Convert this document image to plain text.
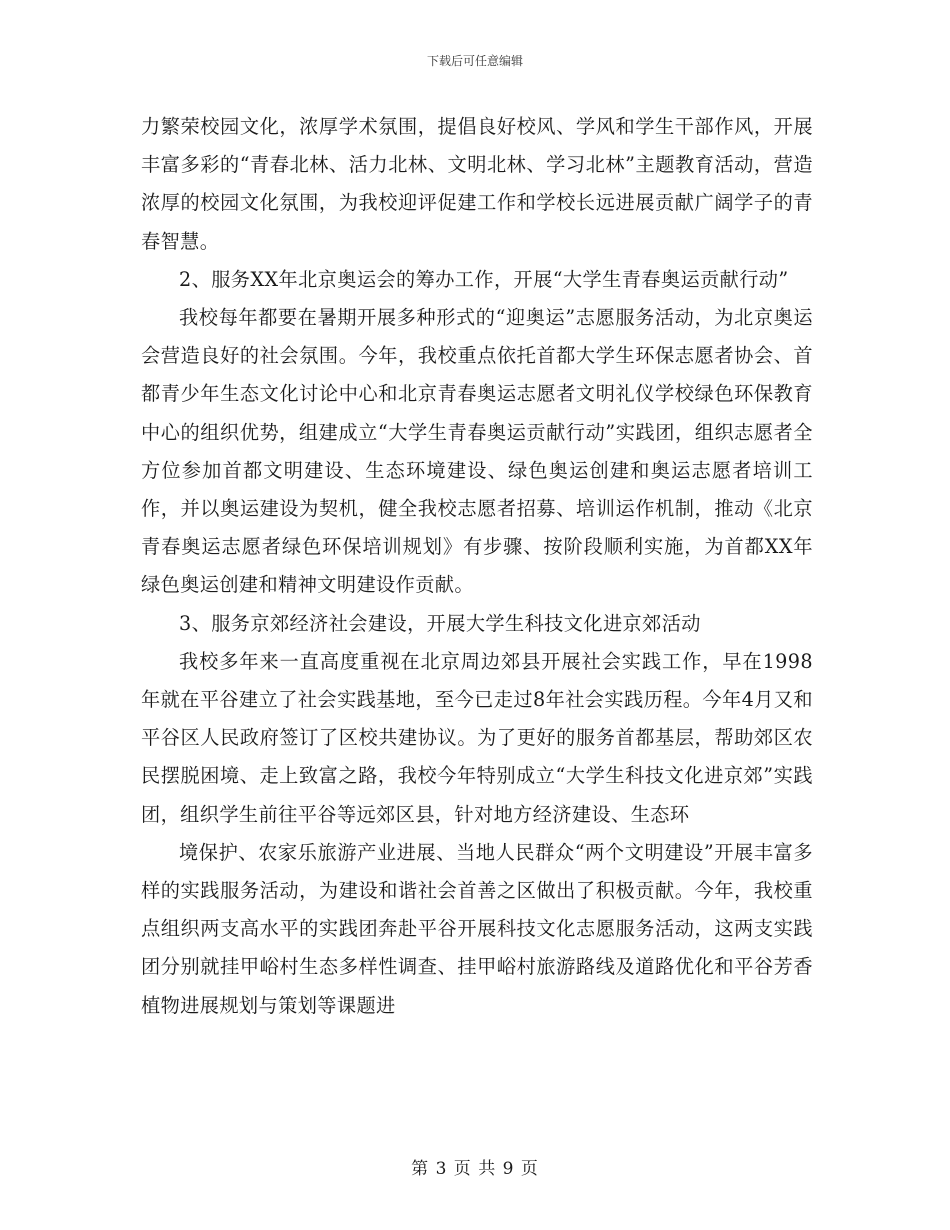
下载后可任意编辑

力繁荣校园文化，浓厚学术氛围，提倡良好校风、学风和学生干部作风，开展丰富多彩的“青春北林、活力北林、文明北林、学习北林”主题教育活动，营造浓厚的校园文化氛围，为我校迎评促建工作和学校长远进展贡献广阔学子的青春智慧。

2、服务XX年北京奥运会的筹办工作，开展“大学生青春奥运贡献行动”

我校每年都要在暑期开展多种形式的“迎奥运”志愿服务活动，为北京奥运会营造良好的社会氛围。今年，我校重点依托首都大学生环保志愿者协会、首都青少年生态文化讨论中心和北京青春奥运志愿者文明礼仪学校绿色环保教育中心的组织优势，组建成立“大学生青春奥运贡献行动”实践团，组织志愿者全方位参加首都文明建设、生态环境建设、绿色奥运创建和奥运志愿者培训工作，并以奥运建设为契机，健全我校志愿者招募、培训运作机制，推动《北京青春奥运志愿者绿色环保培训规划》有步骤、按阶段顺利实施，为首都XX年绿色奥运创建和精神文明建设作贡献。

3、服务京郊经济社会建设，开展大学生科技文化进京郊活动

我校多年来一直高度重视在北京周边郊县开展社会实践工作，早在1998年就在平谷建立了社会实践基地，至今已走过8年社会实践历程。今年4月又和平谷区人民政府签订了区校共建协议。为了更好的服务首都基层，帮助郊区农民摆脱困境、走上致富之路，我校今年特别成立“大学生科技文化进京郊”实践团，组织学生前往平谷等远郊区县，针对地方经济建设、生态环

境保护、农家乐旅游产业进展、当地人民群众“两个文明建设”开展丰富多样的实践服务活动，为建设和谐社会首善之区做出了积极贡献。今年，我校重点组织两支高水平的实践团奔赴平谷开展科技文化志愿服务活动，这两支实践团分别就挂甲峪村生态多样性调查、挂甲峪村旅游路线及道路优化和平谷芳香植物进展规划与策划等课题进

第 3 页 共 9 页
